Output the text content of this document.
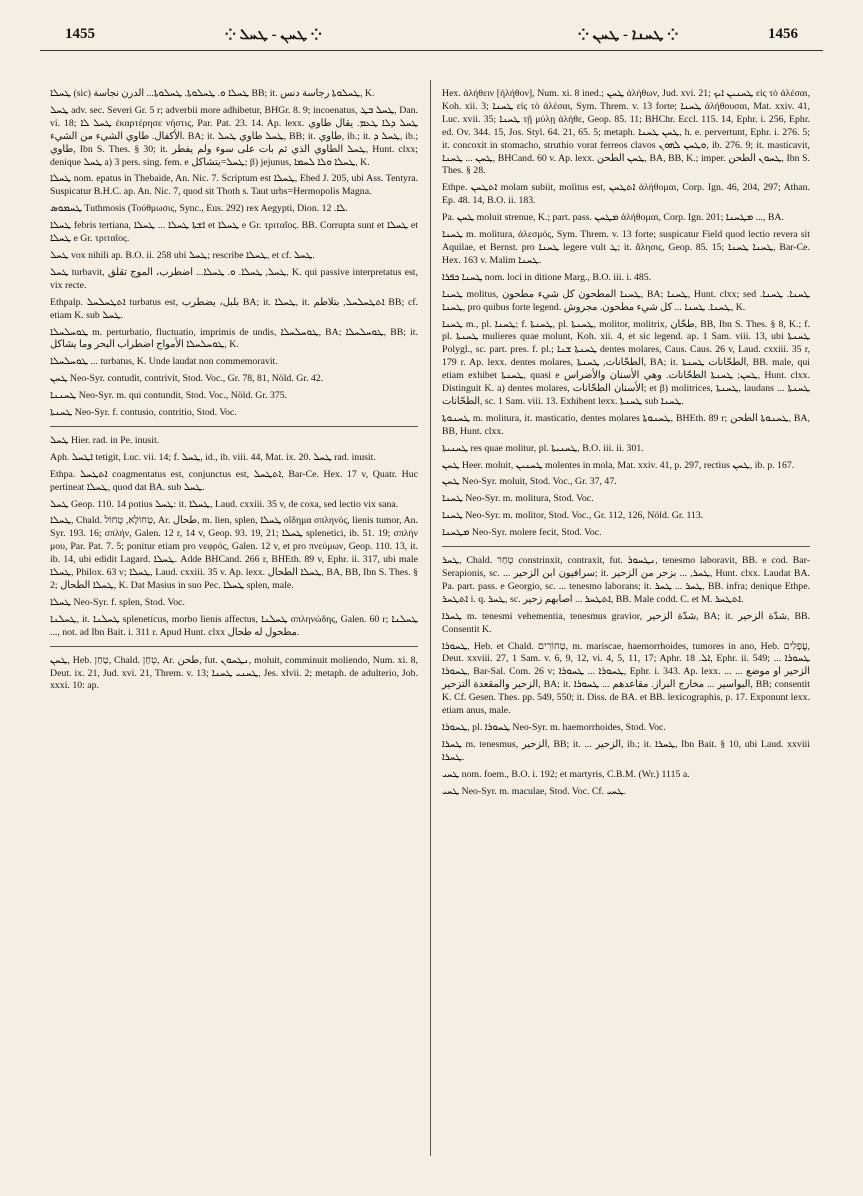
1455	⁘ ܛܚܢ - ܛܚܠ ⁘	⁘ ܛܚܢܐ - ܛܚܢ ⁘	1456

ܛܚܠܐ (sic) ܛܚܠܐ ܘ. ܛܚܠܘܬܐ. ܛܚܠܘܬܐ... الدرن نجاسة BB; it. ܛܚܠܘܬܐ رجاسة دنس, K.

ܛܚܠ adv. sec. Severi Gr. 5 r; adverbii more adhibetur, BHGr. 8. 9; incoenatus, ܛܚܠ ܒܛ, Dan. vi. 18; ܛܚܠ ܠܐ ἐκαρτέρησε νήστις, Par. Pat. 23. 14. Ap. lexx. ܛܚܠ ܕܠܐ ܛܥܡ. يقال طاوي الأكفال. طاوي الشيء من الشيء. BA; it. ܛܚܠ طاوي ܛܚܠ, BB; it. طاوي, ib.; it. ܛܚܠ ܕ, ib.; طاوي, Ibn S. Thes. § 30; it. ܛܚܠ الطاوي الذي ثم بات على سوء ولم يفطر, Hunt. clxx; denique ܛܚܠ a) 3 pers. sing. fem. e ܛܚܠ=يتشاكل; β) jejunus, ܛܚܠܐ ܘܠܐ ܠܚܡܐ, K.

ܛܚܠܐ nom. epatus in Thebaide, An. Nic. 7. Scriptum est ܛܚܠܐ, Ebed J. 205, ubi Ass. Tentyra. Suspicatur B.H.C. ap. An. Nic. 7, quod sit Thoth s. Taut urbs=Hermopolis Magna.

ܛܚܡܘܣ Tuthmosis (Τούθμωσις, Sync., Eus. 292) rex Aegypti, Dion. ܠܐ. 12.

ܛܚܠܐ febris tertiana, ܐܫܬܐ ܛܚܠܐ ... ܛܚܠܐ et ܛܚܠܐ e Gr. τριταῖος. BB. Corrupta sunt et ܛܚܠܐ et ܛܚܠܐ e Gr. τριταῖος.

ܛܚܠ vox nihili ap. B.O. ii. 258 ubi ܛܚܠ; rescribe ܛܚܠܐ, et cf. ܛܚܠ.

ܛܚܠ turbavit, ܛܚܠ, ܛܚܠܐ. ܘ. ܛܚܠܐ... اضطرب، الموج تقلق, K. qui passive interpretatus est, vix recte.

Ethpalp. ܐܬܛܚܠܚܠ turbatus est, بلبل، يضطرب BA; it. ܛܚܠܐ, it. ܐܬܛܚܠܚܠ, بتلاطم BB; cf. etiam K. sub ܛܚܠ.

ܛܘܚܠܚܠܐ m. perturbatio, fluctuatio, imprimis de undis, ܛܘܚܠܚܠܐ, BA; ܛܘܚܠܚܠܐ, BB; it. ܛܘܚܠܚܠܐ الأمواج اضطراب البحر وما يشاكل, K.

ܛܘܚܠܚܠܐ ... turbatus, K. Unde laudat non commemoravit.

ܛܚܢ Neo-Syr. contudit, contrivit, Stod. Voc., Gr. 78, 81, Nöld. Gr. 42.

ܛܚܢܢܐ Neo-Syr. m. qui contundit, Stod. Voc., Nöld. Gr. 375.

ܛܚܢܬܐ Neo-Syr. f. contusio, contritio, Stod. Voc.

ܛܚܠ Hier. rad. in Pe. inusit.

Aph. ܐܛܚܠ tetigit, Luc. vii. 14; f. ܛܚܠ, id., ib. viii. 44, Mat. ix. 20. ܛܚܠ rad. inusit.

Ethpa. ܐܬܛܚܠ coagmentatus est, conjunctus est, ܐܬܛܚܠ, Bar-Ce. Hex. 17 v, Quatr. Huc pertineat ܛܚܠܐ, quod dat BA. sub ܛܚܠ.

ܛܚܠ Geop. 110. 14 potius ܛܚܠ: it. ܛܚܠܐ, Laud. cxxiii. 35 v, de coxa, sed lectio vix sana.

ܛܚܠܐ, Chald. טְחוֹלָא, טְחוֹל, Ar. طحال, m. lien, splen, ܛܚܠܐ οἴδημα σπληνός, lienis tumor, An. Syr. 193. 16; σπλήν, Galen. 12 r, 14 v, Geop. 93. 19, 21; ܛܚܠܐ splenetici, ib. 51. 19; σπλήν μου, Par. Pat. 7. 5; ponitur etiam pro νεφρός, Galen. 12 v, et pro πνεύμων, Geop. 110. 13, it. ib. 14, ubi edidit Lagard. ܛܚܠܐ. Adde BHCand. 266 r, BHEth. 89 v, Ephr. ii. 317, ubi male ܛܚܠܐ, Philox. 63 v; ܛܚܠܐ, Laud. cxxiii. 35 v. Ap. lexx. ܛܚܠܐ الطحال, BA, BB, Ibn S. Thes. § 2; ܛܚܠܐ الطحال, K. Dat Masius in suo Pec. ܛܚܠܐ splen, male.

ܛܚܠܐ Neo-Syr. f. splen, Stod. Voc.

ܛܚܠܢܐ, it. ܛܚܠܢܐ splenetícus, morbo lienis affectus, ܛܚܠܢܐ σπληνώδης, Galen. 60 r; ܛܚܠܢܐ ..., not. ad Ibn Bait. i. 311 r. Apud Hunt. clxx مطحول له طحال.

ܛܚܢ, Heb. טָחַן, Chald. טְחַן, Ar. طحن, fut. ܢܛܚܘܢ, moluit, comminuit moliendo, Num. xi. 8, Deut. ix. 21, Jud. xvi. 21, Threm. v. 13; ܛܚܢܝ ܛܚܢܐ, Jes. xlvii. 2; metaph. de adulterio, Job. xxxi. 10: ap.

Hex. ἀλήθειν [ἠλήθον], Num. xi. 8 ined.; ܛܚܢ ἀλήθων, Jud. xvi. 21; ܛܚܢܝܢ ܐܝܟ εἰς τὸ ἀλέσαι, Koh. xii. 3; ܛܚܢܐ εἰς τὸ ἀλέσαι, Sym. Threm. v. 13 forte; ܛܚܢܐ ἀλήθουσαι, Mat. xxiv. 41, Luc. xvii. 35; ܛܚܢܐ τῇ μύλῃ ἀλήθε, Geop. 85. 11; BHChr. Eccl. 115. 14, Ephr. i. 256, Ephr. ed. Ov. 344. 15, Jos. Styl. 64. 21, 65. 5; metaph. ܛܚܢ ܛܚܢܐ, h. e. pervertunt, Ephr. i. 276. 5; it. concoxit in stomacho, struthio vorat ferreos clavos ܘܛܚܢ ܠܗܘܢ, ib. 276. 9; it. masticavit, ܛܚܢ ... ܛܚܢܐ, BHCand. 60 v. Ap. lexx. ܛܚܢ الطحن, BA, BB, K.; imper. ܛܚܘܢ الطحن, Ibn S. Thes. § 28.

Ethpe. ܐܬܛܚܢ molam subiit, molitus est, ܐܬܛܚܢ ἀλήθομαι, Corp. Ign. 46, 204, 297; Athan. Ep. 48. 14, B.O. ii. 183.

Pa. ܛܚܢ moluit strenue, K.; part. pass. ܡܛܚܢ ἀλήθομαι, Corp. Ign. 201; ܡܛܚܢܐ ..., BA.

ܛܚܢܐ m. molitura, ἀλεσμός, Sym. Threm. v. 13 forte; suspicatur Field quod lectio revera sit Aquilae, et Bernst. pro ܛܚܢܐ legere vult ܛ; it. ἄλησις, Geop. 85. 15; ܛܚܢܐ ܛܚܢܐ, Bar-Ce. Hex. 163 v. Malim ܛܚܢܐ.

ܛܚܢܐ ܟܦܪܐ nom. loci in ditione Marg., B.O. iii. i. 485.

ܛܚܢܐ molitus, ܛܚܢܐ المطحون كل شيء مطحون, BA; ܛܚܢܐ, Hunt. clxx; sed ܛܚܢܐ. ܛܚܢܐ. ܛܚܢܐ, pro quibus forte legend. ܛܚܢܐ. ܛܚܢܐ ... كل شيء مطحون. مجروش, K.

ܛܚܢܐ m., pl. ܛܚܢܐ; f. ܛܚܢܬܐ, pl. ܛܚܢܬܐ, molitor, molitrix, طحّان, BB, Ibn S. Thes. § 8, K.; f. pl. ܛܚܢܬܐ mulieres quae molunt, Koh. xii. 4, et sic legend. ap. 1 Sam. viii. 13, ubi ܛܚܢܬܐ Polygl., sc. part. pres. f. pl.; ܛܚܢܬܐ ܫܢܐ dentes molares, Caus. Caus. 26 v, Laud. cxxiii. 35 r, 179 r. Ap. lexx. dentes molares, الطحّانات, ܛܚܢܬܐ, BA; it. الطحّانات ܛܚܢܬܐ, BB. male, qui etiam exhibet ܛܚܢܬܐ, quasi e ܛܚܢ; ܛܚܢܬܐ الطحّانات. وهي الأسنان والأضراس, Hunt. clxx. Distinguit K. a) dentes molares, الأسنان الطحّانات; et β) molitrices, ܛܚܢܬܐ, laudans ܛܚܢܬܐ ... الطحّانات, sc. 1 Sam. viii. 13. Exhibent lexx. ܛܚܢܬܐ sub ܛܚܢܐ.

ܛܚܢܘܬܐ m. molitura, it. masticatio, dentes molares ܛܚܢܘܬܐ, BHEth. 89 r; ܛܚܢܘܬܐ الطحن, BA, BB, Hunt. clxx.

ܛܚܢܝܬܐ res quae molitur, pl. ܛܚܢܝܬܐ, B.O. iii. ii. 301.

ܛܚܢ Heer. moluit, ܛܚܢܝܢ molentes in mola, Mat. xxiv. 41, p. 297, rectius ܛܚܢ, ib. p. 167.

ܛܚܢ Neo-Syr. moluit, Stod. Voc., Gr. 37, 47.

ܛܚܢܐ Neo-Syr. m. molitura, Stod. Voc.

ܛܚܢܐ Neo-Syr. m. molitor, Stod. Voc., Gr. 112, 126, Nöld. Gr. 113.

ܡܛܚܢܐ Neo-Syr. molere fecit, Stod. Voc.

ܛܚܪ, Chald. טְחַר constrinxit, contraxit, fut. ܢܛܚܘܪ, tenesmo laboravit, BB. e cod. Bar-Serapionis, sc. ... سرافيون ابن الزحير; it. ܛܚܪ, ... بزحر من الزحير, Hunt. clxx. Laudat BA. Pa. part. pass. e Georgio, sc. ... tenesmo laborans; it. ܛܚܪ ... ܛܚܪ, BB. infra; denique Ethpe. ܐܬܛܚܪ i. q. ܛܚܪ, sc. ܐܬܛܚܪ ... اصابهم زحير, BB. Male codd. C. et M. ܐܬܛܚܪ.

ܛܚܪܐ m. tenesmi vehementia, tenesmus gravior, شدّة الزحير, BA; it. شدّة الزحير, BB. Consentit K.

ܛܚܘܪܐ, Heb. et Chald. טְחוֹרִים, m. mariscae, haemorrhoides, tumores in ano, Heb. עֳפָלִים, Deut. xxviii. 27, 1 Sam. v. 6, 9, 12, vi. 4, 5, 11, 17; Aphr. ܐܠ. 18, Ephr. ii. 549; ܛܚܘܪܐ ... ܛܚܘܪܐ, Bar-Sal. Com. 26 v; ܛܚܘܪܐ ... ܛܚܘܪܐ, Ephr. i. 343. Ap. lexx. ... الزحير او موضع ... الزحير والمقعدة التزحير, BA; it. البواسير ... مخارج البراز. مقاعدهم ... ܛܚܘܪܐ, BB; consentit K. Cf. Gesen. Thes. pp. 549, 550; it. Diss. de BA. et BB. lexicographis, p. 17. Exponunt lexx. etiam anus, male.

ܛܚܘܪܐ, pl. ܛܚܘܪܐ Neo-Syr. m. haemorrhoides, Stod. Voc.

ܛܚܪܐ m. tenesmus, الزحير, BB; it. ... الزحير, ib.; it. ܛܚܪܐ, Ibn Bait. § 10, ubi Laud. xxviii ܛܚܪܐ.

ܛܚܝ nom. foem., B.O. i. 192; et martyris, C.B.M. (Wr.) 1115 a.

ܛܚܝ Neo-Syr. m. maculae, Stod. Voc. Cf. ܛܚܝ.
